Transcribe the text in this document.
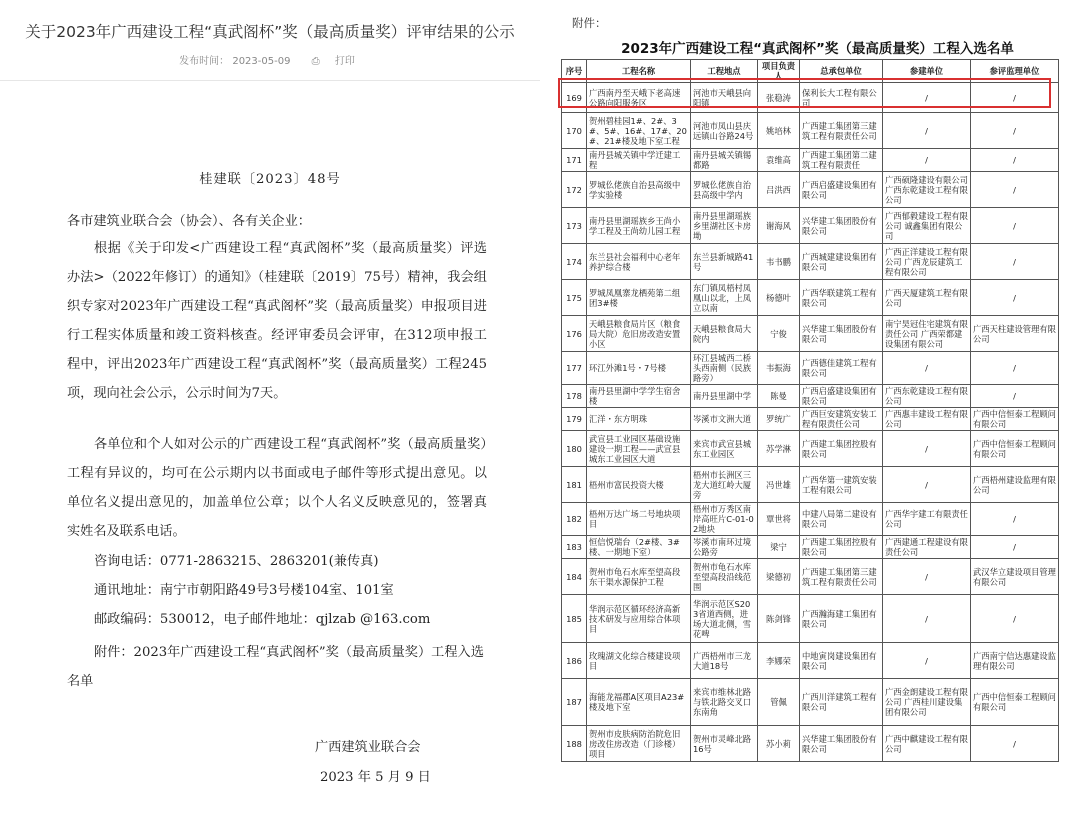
关于2023年广西建设工程“真武阁杯”奖（最高质量奖）评审结果的公示
发布时间： 2023-05-09 ⎙ 打印
桂建联〔2023〕48号
各市建筑业联合会（协会）、各有关企业：
根据《关于印发<广西建设工程“真武阁杯”奖（最高质量奖）评选办法>（2022年修订）的通知》（桂建联〔2019〕75号）精神，我会组织专家对2023年广西建设工程“真武阁杯”奖（最高质量奖）申报项目进行工程实体质量和竣工资料核查。经评审委员会评审，在312项申报工程中，评出2023年广西建设工程“真武阁杯”奖（最高质量奖）工程245项，现向社会公示，公示时间为7天。
各单位和个人如对公示的广西建设工程“真武阁杯”奖（最高质量奖）工程有异议的，均可在公示期内以书面或电子邮件等形式提出意见。以单位名义提出意见的，加盖单位公章；以个人名义反映意见的，签署真实姓名及联系电话。
咨询电话：0771-2863215、2863201(兼传真)
通讯地址：南宁市朝阳路49号3号楼104室、101室
邮政编码：530012，电子邮件地址：qjlzab @163.com
附件：2023年广西建设工程“真武阁杯”奖（最高质量奖）工程入选名单
广西建筑业联合会
2023 年 5 月 9 日
附件：
2023年广西建设工程“真武阁杯”奖（最高质量奖）工程入选名单
序号	工程名称	工程地点	项目负责人	总承包单位	参建单位	参评监理单位
169	广西南丹至天峨下老高速公路向阳服务区	河池市天峨县向阳镇	张稳涛	保利长大工程有限公司	/	/
170	贺州碧桂园1#、2#、3#、5#、16#、17#、20#、21#楼及地下室工程	河池市凤山县庆远镇山谷路24号	姚培林	广西建工集团第三建筑工程有限责任公司	/	/
171	南丹县城关镇中学迁建工程	南丹县城关镇锡都路	袁维高	广西建工集团第二建筑工程有限责任	/	/
172	罗城仫佬族自治县高级中学实验楼	罗城仫佬族自治县高级中学内	吕洪西	广西启盛建设集团有限公司	广西硕隆建设有限公司 广西东乾建设工程有限公司	/
173	南丹县里湖瑶族乡王尚小学工程及王尚幼儿园工程	南丹县里湖瑶族乡里湖社区卡房坳	谢海风	兴华建工集团股份有限公司	广西郁毅建设工程有限公司 诚鑫集团有限公司	/
174	东兰县社会福利中心老年养护综合楼	东兰县新城路41号	韦书鹏	广西城建建设集团有限公司	广西正洋建设工程有限公司 广西龙辰建筑工程有限公司	/
175	罗城凤凰寨龙栖苑第二组团3#楼	东门镇凤梧村凤凰山以北，上凤立以南	杨德叶	广西华联建筑工程有限公司	广西天厦建筑工程有限公司	/
176	天峨县粮食局片区（粮食局大院）危旧房改造安置小区	天峨县粮食局大院内	宁俊	兴华建工集团股份有限公司	南宁昊冠住宅建筑有限责任公司 广西荣都建设集团有限公司	广西天柱建设管理有限公司
177	环江外滩1号・7号楼	环江县城西二桥头西南侧（民族路旁）	韦振海	广西德佳建筑工程有限公司	/	/
178	南丹县里湖中学学生宿舍楼	南丹县里湖中学	陈曼	广西启盛建设集团有限公司	广西东乾建设工程有限公司	/
179	汇洋・东方明珠	岑溪市文洲大道	罗统广	广西巨安建筑安装工程有限责任公司	广西惠丰建设工程有限公司	广西中信恒泰工程顾问有限公司
180	武宣县工业园区基础设施建设一期工程——武宣县城东工业园区大道	来宾市武宣县城东工业园区	苏学淋	广西建工集团控股有限公司	/	广西中信恒泰工程顾问有限公司
181	梧州市富民投资大楼	梧州市长洲区三龙大道红岭大厦旁	冯世雄	广西华第一建筑安装工程有限公司	/	广西梧州建设监理有限公司
182	梧州万达广场二号地块项目	梧州市万秀区南岸高旺片C-01-02地块	覃世将	中建八局第二建设有限公司	广西华宇建工有限责任公司	/
183	恒信悦瑞台（2#楼、3#楼、一期地下室）	岑溪市南环过境公路旁	梁宁	广西建工集团控股有限公司	广西建通工程建设有限责任公司	/
184	贺州市龟石水库至望高段东干渠水源保护工程	贺州市龟石水库至望高段沿线范围	梁德初	广西建工集团第三建筑工程有限责任公司	/	武汉华立建设项目管理有限公司
185	华润示范区循环经济高新技术研发与应用综合体项目	华润示范区S203省道西侧，进场大道北侧，雪花啤	陈剑锋	广西瀚海建工集团有限公司	/	/
186	玫瑰湖文化综合楼建设项目	广西梧州市三龙大道18号	李娜荣	中地寅岗建设集团有限公司	/	广西南宁信达惠建设监理有限公司
187	海能龙福郡A区项目A23#楼及地下室	来宾市维林北路与铁北路交叉口东南角	管佩	广西川洋建筑工程有限公司	广西金朗建设工程有限公司 广西桂川建设集团有限公司	广西中信恒泰工程顾问有限公司
188	贺州市皮肤病防治院危旧房改住房改造（门诊楼）项目	贺州市灵峰北路16号	苏小莉	兴华建工集团股份有限公司	广西中麒建设工程有限公司	/
